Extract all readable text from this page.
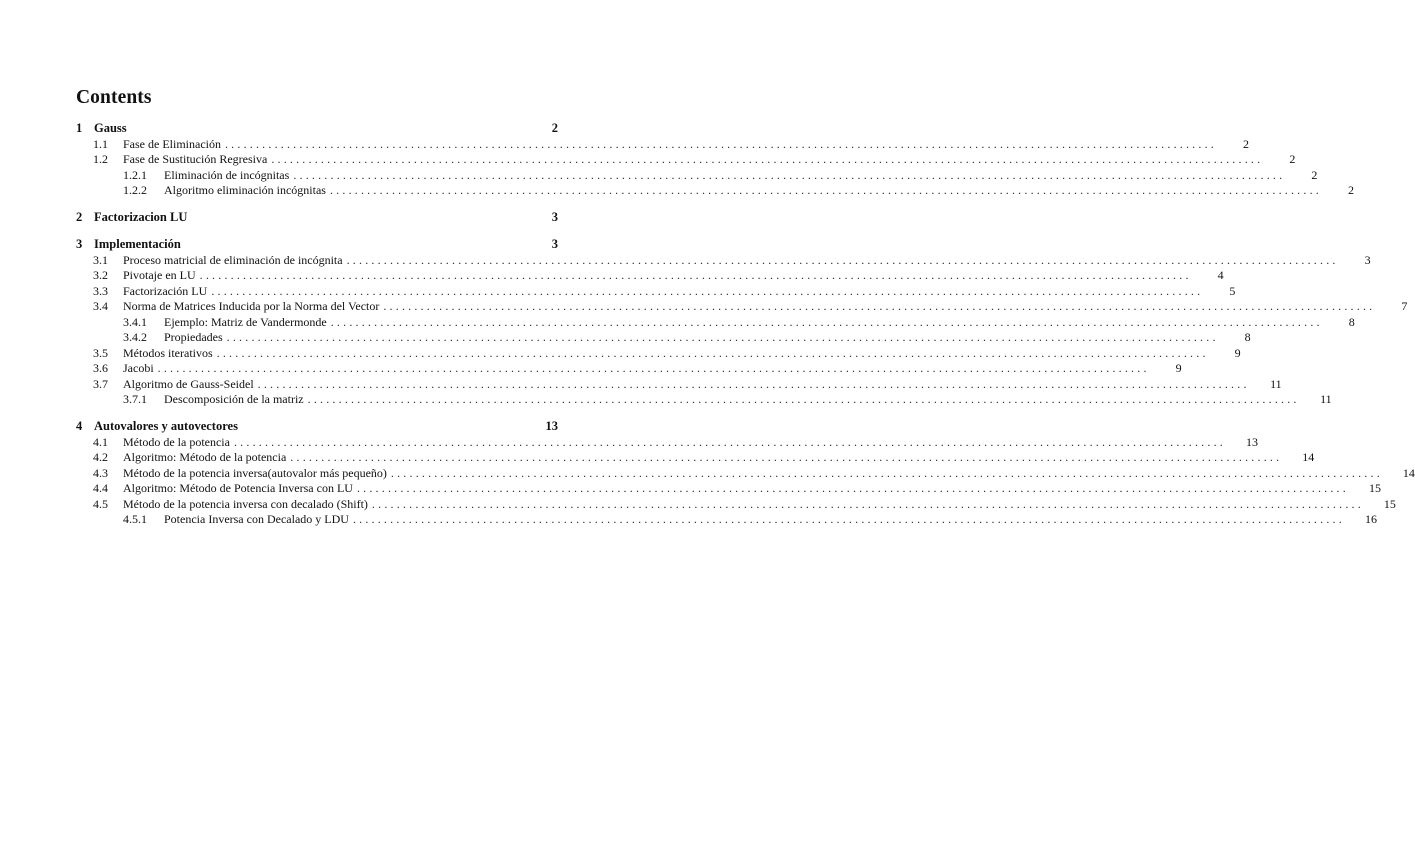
Contents
1 Gauss	2
1.1	Fase de Eliminación ................................................................................................................................................................	2
1.2	Fase de Sustitución Regresiva ................................................................................................................................................................	2
1.2.1	Eliminación de incógnitas ................................................................................................................................................................	2
1.2.2	Algoritmo eliminación incógnitas ................................................................................................................................................................	2
2 Factorizacion LU	3
3 Implementación	3
3.1	Proceso matricial de eliminación de incógnita ................................................................................................................................................................	3
3.2	Pivotaje en LU ................................................................................................................................................................	4
3.3	Factorización LU ................................................................................................................................................................	5
3.4	Norma de Matrices Inducida por la Norma del Vector ................................................................................................................................................................	7
3.4.1	Ejemplo: Matriz de Vandermonde ................................................................................................................................................................	8
3.4.2	Propiedades ................................................................................................................................................................	8
3.5	Métodos iterativos ................................................................................................................................................................	9
3.6	Jacobi ................................................................................................................................................................	9
3.7	Algoritmo de Gauss-Seidel ................................................................................................................................................................	11
3.7.1	Descomposición de la matriz ................................................................................................................................................................	11
4 Autovalores y autovectores	13
4.1	Método de la potencia ................................................................................................................................................................	13
4.2	Algoritmo: Método de la potencia ................................................................................................................................................................	14
4.3	Método de la potencia inversa(autovalor más pequeño) ................................................................................................................................................................	14
4.4	Algoritmo: Método de Potencia Inversa con LU ................................................................................................................................................................	15
4.5	Método de la potencia inversa con decalado (Shift) ................................................................................................................................................................	15
4.5.1	Potencia Inversa con Decalado y LDU ................................................................................................................................................................	16
